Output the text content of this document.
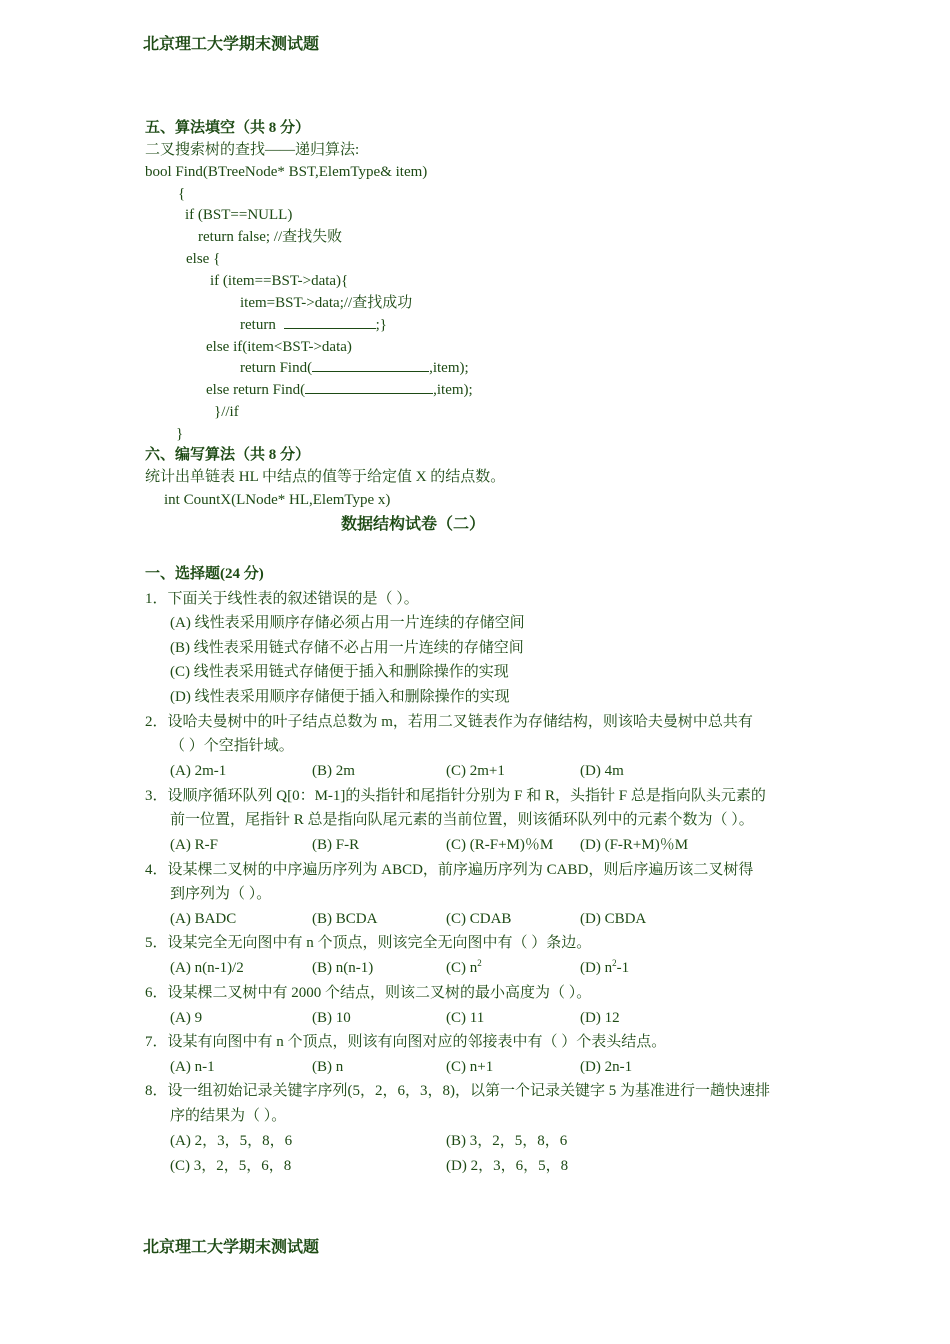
北京理工大学期末测试题
五、算法填空（共 8 分）
二叉搜索树的查找——递归算法:
bool Find(BTreeNode* BST,ElemType& item)
{
if (BST==NULL)
return false; //查找失败
else {
if (item==BST->data){
item=BST->data;//查找成功
return	;}
else if(item<BST->data)
return Find(	,item);
else return Find(	,item);
}//if
}
六、编写算法（共 8 分）
统计出单链表 HL 中结点的值等于给定值 X 的结点数。
int CountX(LNode* HL,ElemType x)
数据结构试卷（二）
一、选择题(24 分)
1．下面关于线性表的叙述错误的是（ ）。
(A) 线性表采用顺序存储必须占用一片连续的存储空间
(B) 线性表采用链式存储不必占用一片连续的存储空间
(C) 线性表采用链式存储便于插入和删除操作的实现
(D) 线性表采用顺序存储便于插入和删除操作的实现
2．设哈夫曼树中的叶子结点总数为 m，若用二叉链表作为存储结构，则该哈夫曼树中总共有
（ ）个空指针域。
(A) 2m-1	(B) 2m	(C) 2m+1	(D) 4m
3．设顺序循环队列 Q[0：M-1]的头指针和尾指针分别为 F 和 R，头指针 F 总是指向队头元素的
前一位置，尾指针 R 总是指向队尾元素的当前位置，则该循环队列中的元素个数为（ ）。
(A) R-F	(B) F-R	(C) (R-F+M)％M (D) (F-R+M)％M
4．设某棵二叉树的中序遍历序列为 ABCD，前序遍历序列为 CABD，则后序遍历该二叉树得
到序列为（ ）。
(A) BADC	(B) BCDA	(C) CDAB	(D) CBDA
5．设某完全无向图中有 n 个顶点，则该完全无向图中有（ ）条边。
(A) n(n-1)/2	(B) n(n-1)	(C) $n^2$	(D) $n^2-1$
6．设某棵二叉树中有 2000 个结点，则该二叉树的最小高度为（ ）。
(A) 9	(B) 10	(C) 11	(D) 12
7．设某有向图中有 n 个顶点，则该有向图对应的邻接表中有（ ）个表头结点。
(A) n-1	(B) n	(C) n+1	(D) 2n-1
8．设一组初始记录关键字序列(5，2，6，3，8)，以第一个记录关键字 5 为基准进行一趟快速排
序的结果为（ ）。
(A) 2，3，5，8，6	(B) 3，2，5，8，6
(C) 3，2，5，6，8	(D) 2，3，6，5，8
北京理工大学期末测试题
